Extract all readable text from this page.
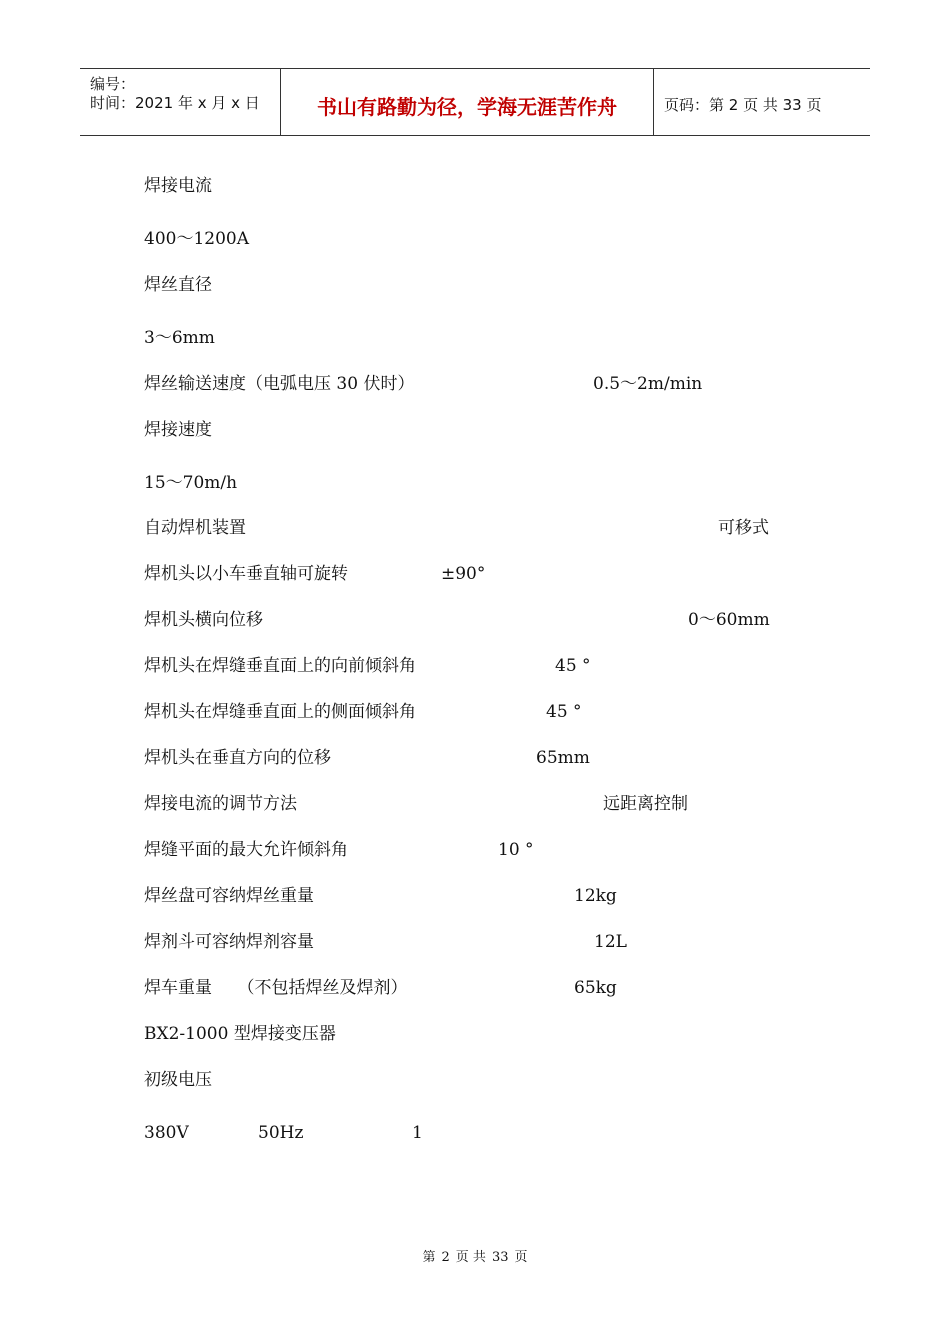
编号：
时间：2021 年 x 月 x 日	书山有路勤为径，学海无涯苦作舟	页码：第 2 页 共 33 页
焊接电流
400～1200A
焊丝直径
3～6mm
焊丝输送速度（电弧电压 30 伏时）	0.5～2m/min
焊接速度
15～70m/h
自动焊机装置	可移式
焊机头以小车垂直轴可旋转	±90°
焊机头横向位移	0～60mm
焊机头在焊缝垂直面上的向前倾斜角	45 °
焊机头在焊缝垂直面上的侧面倾斜角	45 °
焊机头在垂直方向的位移	65mm
焊接电流的调节方法	远距离控制
焊缝平面的最大允许倾斜角	10 °
焊丝盘可容纳焊丝重量	12kg
焊剂斗可容纳焊剂容量	12L
焊车重量　　（不包括焊丝及焊剂）	65kg
BX2-1000 型焊接变压器
初级电压
380V	50Hz	1
第 2 页 共 33 页
